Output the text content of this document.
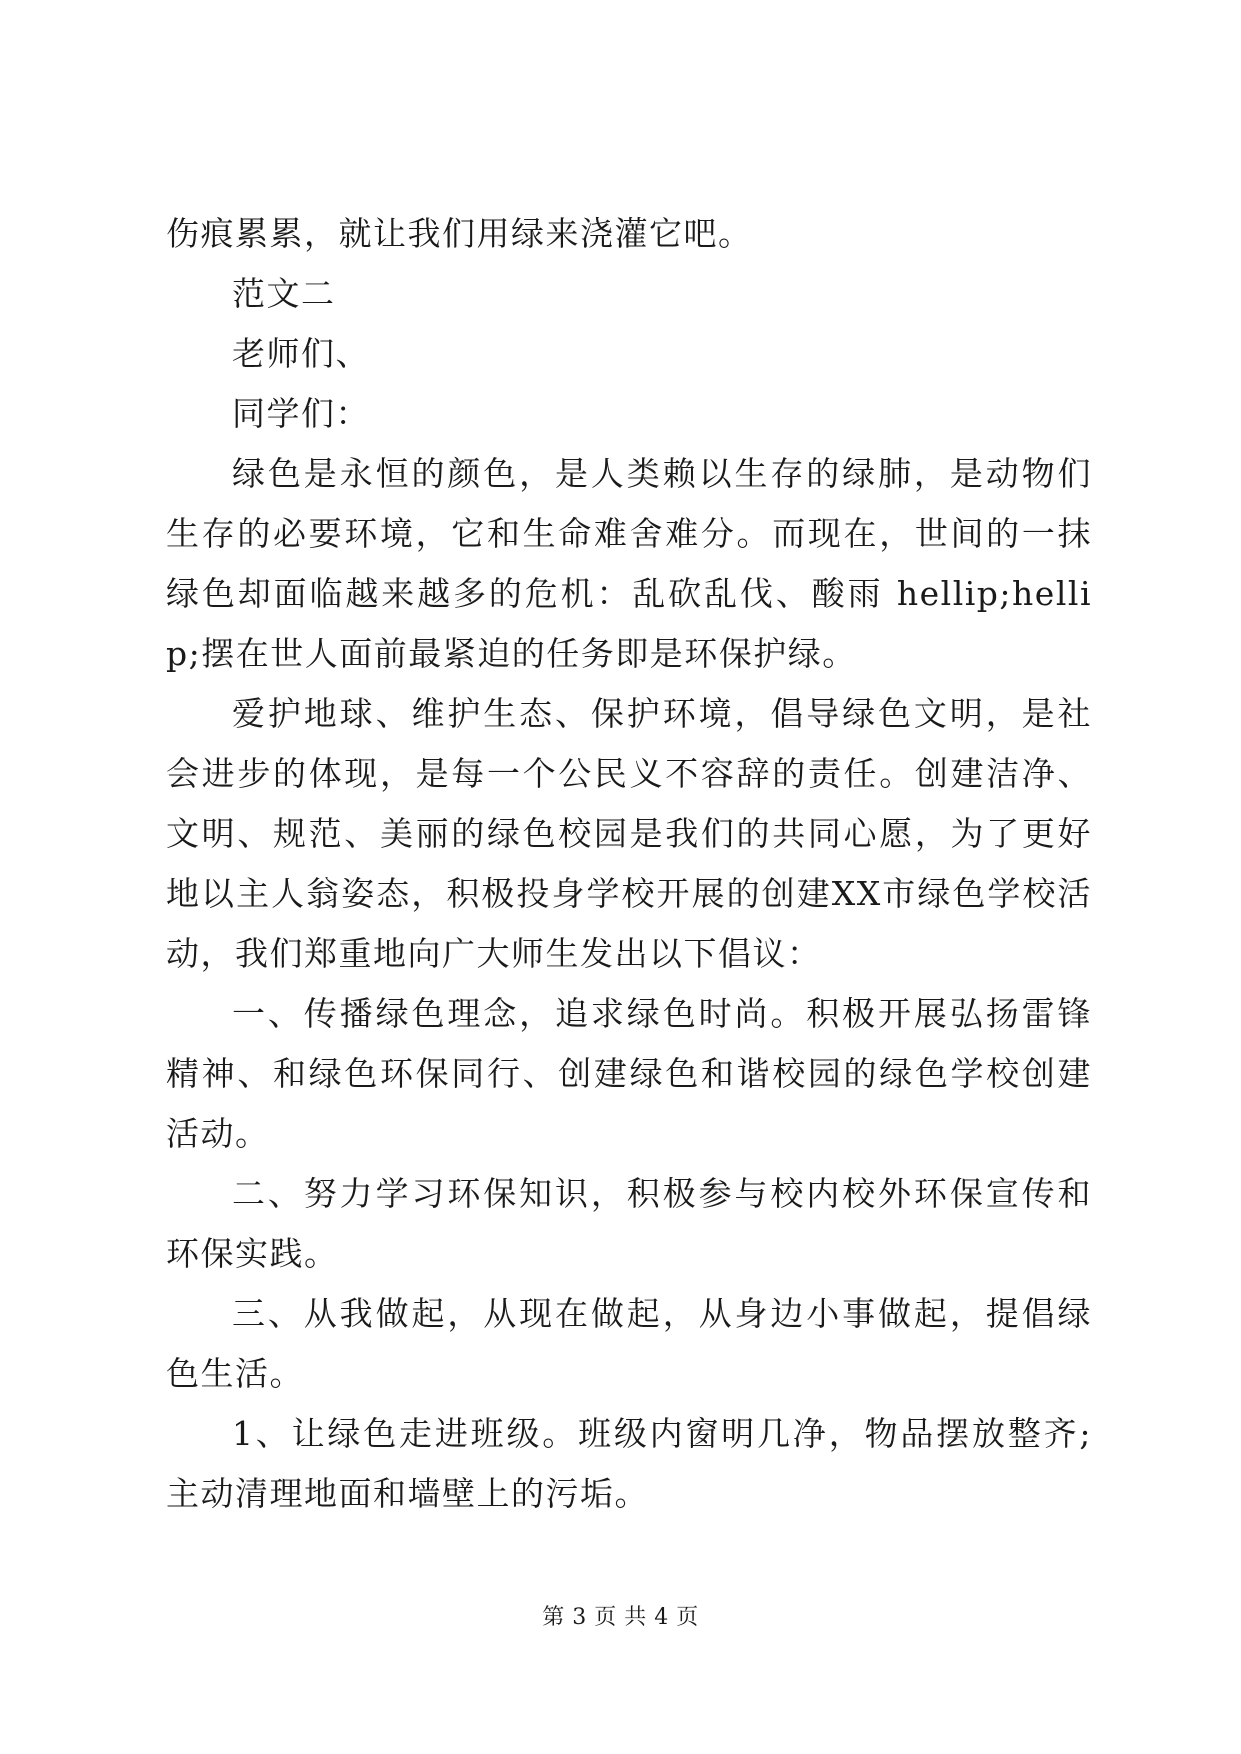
伤痕累累，就让我们用绿来浇灌它吧。

范文二

老师们、

同学们：

绿色是永恒的颜色，是人类赖以生存的绿肺，是动物们生存的必要环境，它和生命难舍难分。而现在，世间的一抹绿色却面临越来越多的危机：乱砍乱伐、酸雨 hellip;hellip;摆在世人面前最紧迫的任务即是环保护绿。

爱护地球、维护生态、保护环境，倡导绿色文明，是社会进步的体现，是每一个公民义不容辞的责任。创建洁净、文明、规范、美丽的绿色校园是我们的共同心愿，为了更好地以主人翁姿态，积极投身学校开展的创建XX市绿色学校活动，我们郑重地向广大师生发出以下倡议：

一、传播绿色理念，追求绿色时尚。积极开展弘扬雷锋精神、和绿色环保同行、创建绿色和谐校园的绿色学校创建活动。

二、努力学习环保知识，积极参与校内校外环保宣传和环保实践。

三、从我做起，从现在做起，从身边小事做起，提倡绿色生活。

1、让绿色走进班级。班级内窗明几净，物品摆放整齐;主动清理地面和墙壁上的污垢。

第 3 页 共 4 页
